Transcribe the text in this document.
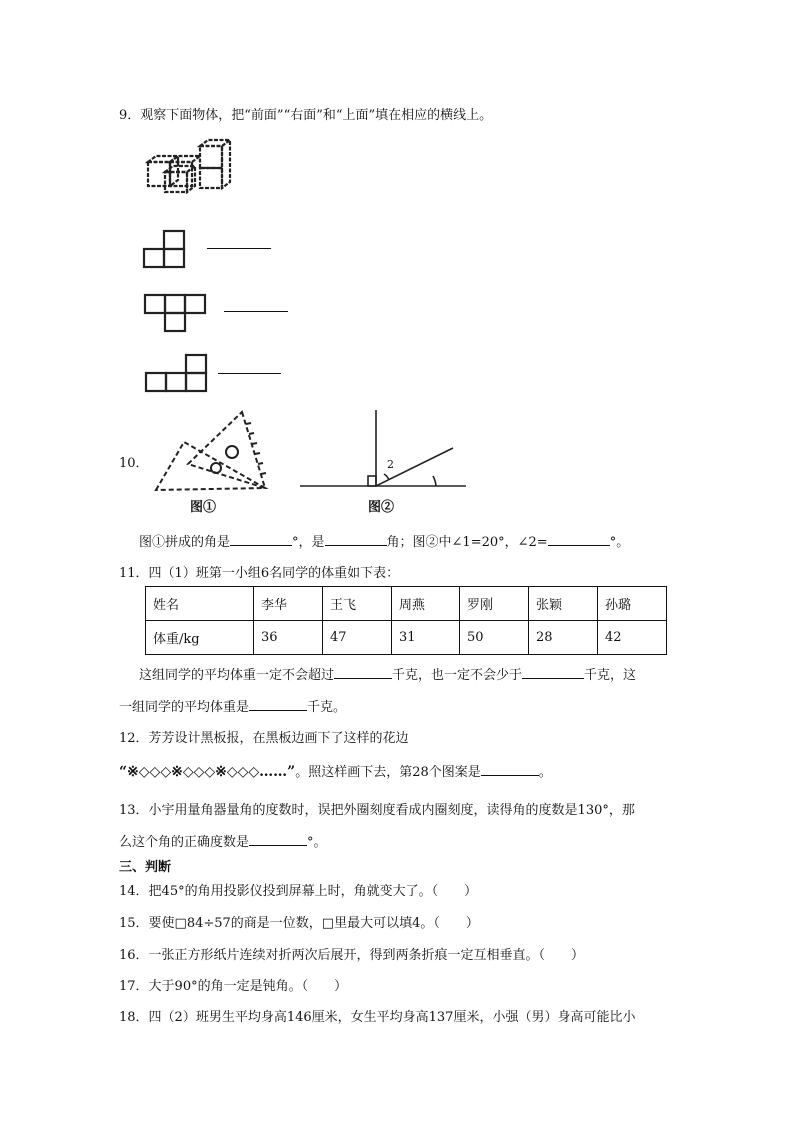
9．观察下面物体，把“前面”“右面”和“上面”填在相应的横线上。
10．
图①
2
图②
图①拼成的角是	°，是	角；图②中∠1=20°，∠2=	°。
11．四（1）班第一小组6名同学的体重如下表：
姓名	李华	王飞	周燕	罗刚	张颖	孙璐
体重/kg	36	47	31	50	28	42
这组同学的平均体重一定不会超过	千克，也一定不会少于	千克，这
一组同学的平均体重是	千克。
12．芳芳设计黑板报，在黑板边画下了这样的花边
“※◇◇◇※◇◇◇※◇◇◇……”。照这样画下去，第28个图案是	。
13．小宇用量角器量角的度数时，误把外圈刻度看成内圈刻度，读得角的度数是130°，那
么这个角的正确度数是	°。
三、判断
14．把45°的角用投影仪投到屏幕上时，角就变大了。（　　）
15．要使□84÷57的商是一位数，□里最大可以填4。（　　）
16．一张正方形纸片连续对折两次后展开，得到两条折痕一定互相垂直。（　　）
17．大于90°的角一定是钝角。（　　）
18．四（2）班男生平均身高146厘米，女生平均身高137厘米，小强（男）身高可能比小
